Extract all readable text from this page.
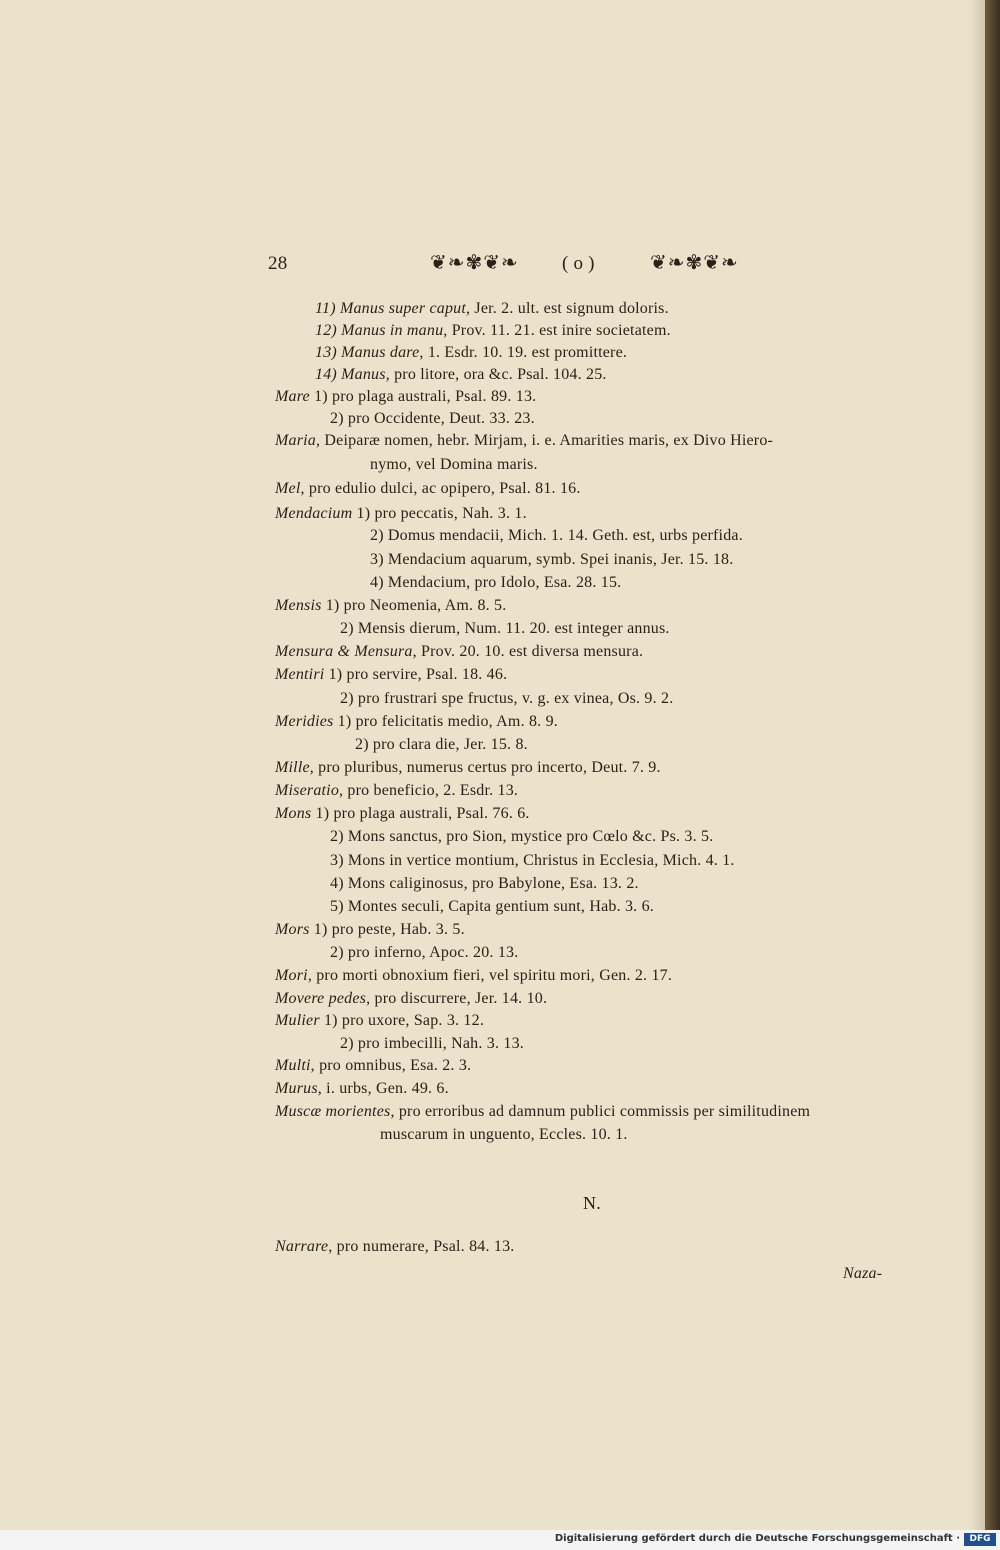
28	❦❧✾❦❧ ( o )	❦❧✾❦❧
11) Manus super caput, Jer. 2. ult. est signum doloris.
12) Manus in manu, Prov. 11. 21. est inire societatem.
13) Manus dare, 1. Esdr. 10. 19. est promittere.
14) Manus, pro litore, ora &c. Psal. 104. 25.
Mare 1) pro plaga australi, Psal. 89. 13.
2) pro Occidente, Deut. 33. 23.
Maria, Deiparæ nomen, hebr. Mirjam, i. e. Amarities maris, ex Divo Hiero-
nymo, vel Domina maris.
Mel, pro edulio dulci, ac opipero, Psal. 81. 16.
Mendacium 1) pro peccatis, Nah. 3. 1.
2) Domus mendacii, Mich. 1. 14. Geth. est, urbs perfida.
3) Mendacium aquarum, symb. Spei inanis, Jer. 15. 18.
4) Mendacium, pro Idolo, Esa. 28. 15.
Mensis 1) pro Neomenia, Am. 8. 5.
2) Mensis dierum, Num. 11. 20. est integer annus.
Mensura & Mensura, Prov. 20. 10. est diversa mensura.
Mentiri 1) pro servire, Psal. 18. 46.
2) pro frustrari spe fructus, v. g. ex vinea, Os. 9. 2.
Meridies 1) pro felicitatis medio, Am. 8. 9.
2) pro clara die, Jer. 15. 8.
Mille, pro pluribus, numerus certus pro incerto, Deut. 7. 9.
Miseratio, pro beneficio, 2. Esdr. 13.
Mons 1) pro plaga australi, Psal. 76. 6.
2) Mons sanctus, pro Sion, mystice pro Cœlo &c. Ps. 3. 5.
3) Mons in vertice montium, Christus in Ecclesia, Mich. 4. 1.
4) Mons caliginosus, pro Babylone, Esa. 13. 2.
5) Montes seculi, Capita gentium sunt, Hab. 3. 6.
Mors 1) pro peste, Hab. 3. 5.
2) pro inferno, Apoc. 20. 13.
Mori, pro morti obnoxium fieri, vel spiritu mori, Gen. 2. 17.
Movere pedes, pro discurrere, Jer. 14. 10.
Mulier 1) pro uxore, Sap. 3. 12.
2) pro imbecilli, Nah. 3. 13.
Multi, pro omnibus, Esa. 2. 3.
Murus, i. urbs, Gen. 49. 6.
Muscæ morientes, pro erroribus ad damnum publici commissis per similitudinem
muscarum in unguento, Eccles. 10. 1.
N.
Narrare, pro numerare, Psal. 84. 13.
Naza-
Digitalisierung gefördert durch die Deutsche Forschungsgemeinschaft ·	DFG
